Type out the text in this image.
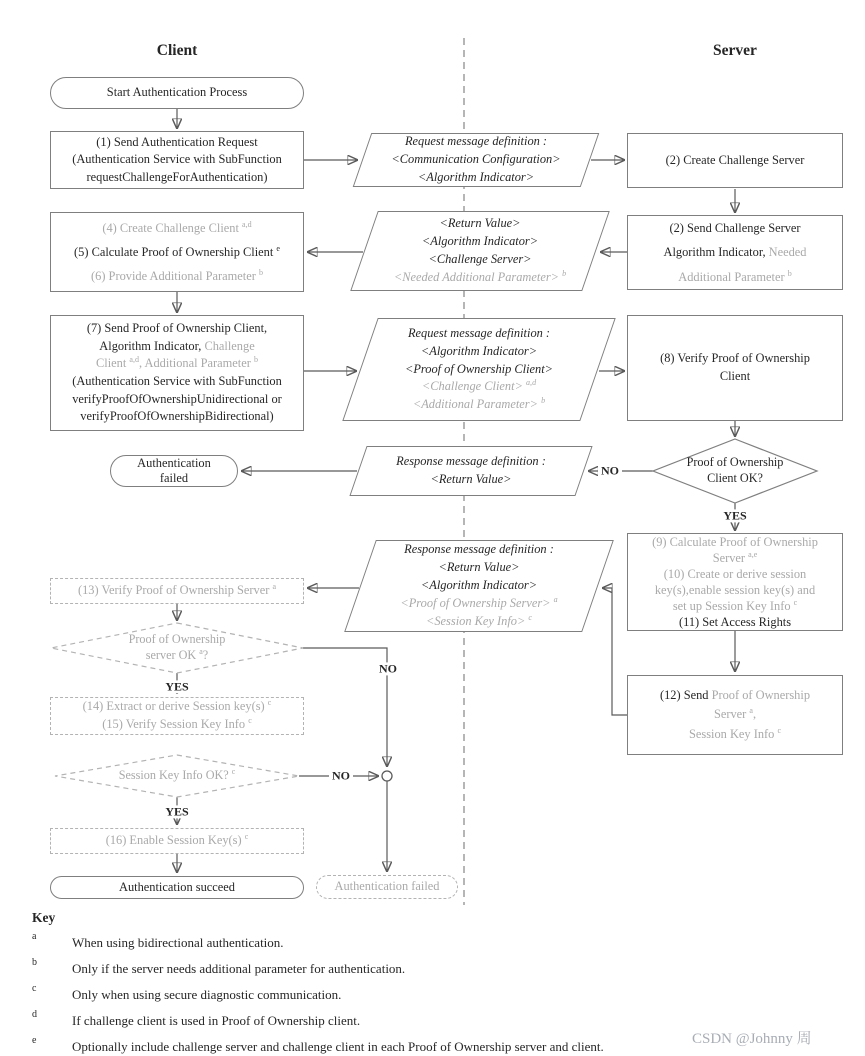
Client	Server
Start Authentication Process
(1) Send Authentication Request
(Authentication Service with SubFunction
requestChallengeForAuthentication)
(4) Create Challenge Client $^{a,d}$
(5) Calculate Proof of Ownership Client $^e$
(6) Provide Additional Parameter $^b$
(7) Send Proof of Ownership Client,
Algorithm Indicator, Challenge
Client $^{a,d}$, Additional Parameter $^b$
(Authentication Service with SubFunction
verifyProofOfOwnershipUnidirectional or
verifyProofOfOwnershipBidirectional)
Authentication
failed
(13) Verify Proof of Ownership Server $^a$
(14) Extract or derive Session key(s) $^c$
(15) Verify Session Key Info $^c$
(16) Enable Session Key(s) $^c$
Authentication succeed	Authentication failed
Proof of Ownership
server OK $^a$?
Session Key Info OK? $^c$
Request message definition :
<Communication Configuration>
<Algorithm Indicator>
<Return Value>
<Algorithm Indicator>
<Challenge Server>
<Needed Additional Parameter> $^b$
Request message definition :
<Algorithm Indicator>
<Proof of Ownership Client>
<Challenge Client> $^{a,d}$
<Additional Parameter> $^b$
Response message definition :
<Return Value>
Response message definition :
<Return Value>
<Algorithm Indicator>
<Proof of Ownership Server> $^a$
<Session Key Info> $^c$
(2) Create Challenge Server
(2) Send Challenge Server
Algorithm Indicator, Needed
Additional Parameter $^b$
(8) Verify Proof of Ownership
Client
Proof of Ownership
Client OK?
(9) Calculate Proof of Ownership
Server $^{a,e}$
(10) Create or derive session
key(s),enable session key(s) and
set up Session Key Info $^c$
(11) Set Access Rights
(12) Send Proof of Ownership
Server $^a$,
Session Key Info $^c$
NO
YES
YES
NO
NO
YES
Key
a	When using bidirectional authentication.
b	Only if the server needs additional parameter for authentication.
c	Only when using secure diagnostic communication.
d	If challenge client is used in Proof of Ownership client.
e	Optionally include challenge server and challenge client in each Proof of Ownership server and client.	CSDN @Johnny 周
